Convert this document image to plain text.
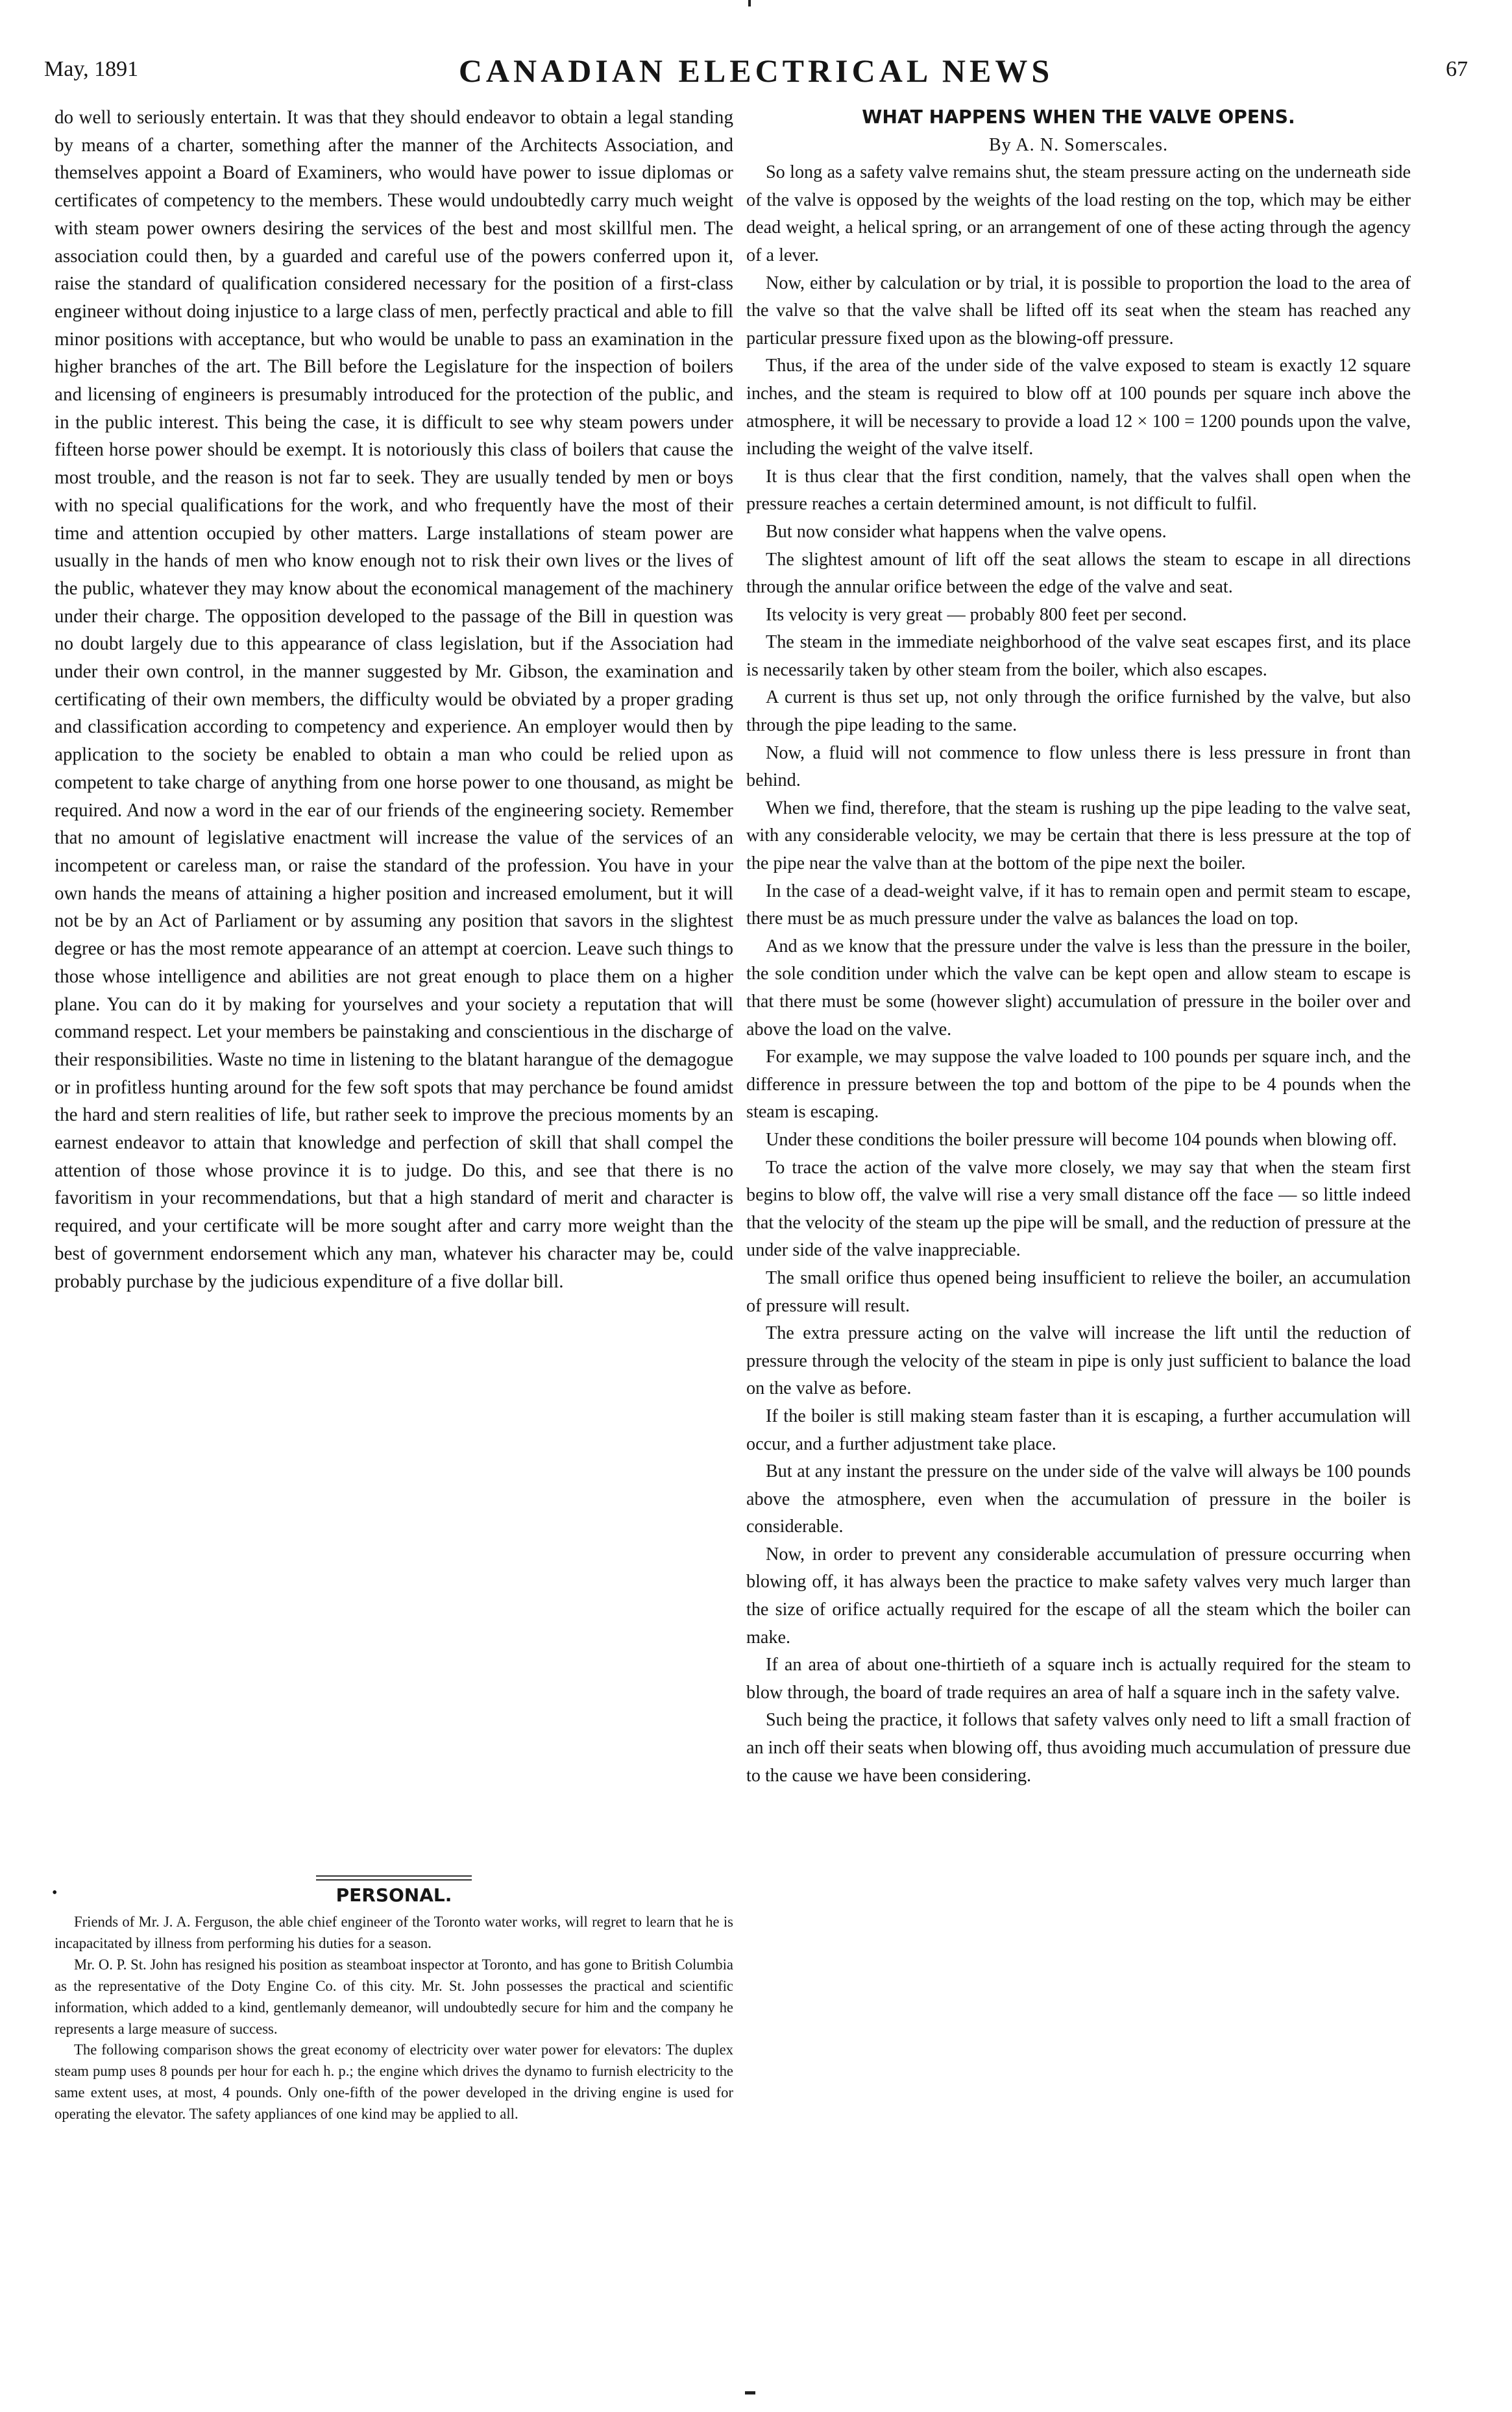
May, 1891	CANADIAN ELECTRICAL NEWS	67

do well to seriously entertain. It was that they should endeavor to obtain a legal standing by means of a charter, something after the manner of the Architects Association, and themselves appoint a Board of Examiners, who would have power to issue diplomas or certificates of competency to the members. These would undoubtedly carry much weight with steam power owners desiring the services of the best and most skillful men. The association could then, by a guarded and careful use of the powers conferred upon it, raise the standard of qualification considered necessary for the position of a first-class engineer without doing injustice to a large class of men, perfectly practical and able to fill minor positions with acceptance, but who would be unable to pass an examination in the higher branches of the art. The Bill before the Legislature for the inspection of boilers and licensing of engineers is presumably introduced for the protection of the public, and in the public interest. This being the case, it is difficult to see why steam powers under fifteen horse power should be exempt. It is notoriously this class of boilers that cause the most trouble, and the reason is not far to seek. They are usually tended by men or boys with no special qualifications for the work, and who frequently have the most of their time and attention occupied by other matters. Large installations of steam power are usually in the hands of men who know enough not to risk their own lives or the lives of the public, whatever they may know about the economical management of the machinery under their charge. The opposition developed to the passage of the Bill in question was no doubt largely due to this appearance of class legislation, but if the Association had under their own control, in the manner suggested by Mr. Gibson, the examination and certificating of their own members, the difficulty would be obviated by a proper grading and classification according to competency and experience. An employer would then by application to the society be enabled to obtain a man who could be relied upon as competent to take charge of anything from one horse power to one thousand, as might be required. And now a word in the ear of our friends of the engineering society. Remember that no amount of legislative enactment will increase the value of the services of an incompetent or careless man, or raise the standard of the profession. You have in your own hands the means of attaining a higher position and increased emolument, but it will not be by an Act of Parliament or by assuming any position that savors in the slightest degree or has the most remote appearance of an attempt at coercion. Leave such things to those whose intelligence and abilities are not great enough to place them on a higher plane. You can do it by making for yourselves and your society a reputation that will command respect. Let your members be painstaking and conscientious in the discharge of their responsibilities. Waste no time in listening to the blatant harangue of the demagogue or in profitless hunting around for the few soft spots that may perchance be found amidst the hard and stern realities of life, but rather seek to improve the precious moments by an earnest endeavor to attain that knowledge and perfection of skill that shall compel the attention of those whose province it is to judge. Do this, and see that there is no favoritism in your recommendations, but that a high standard of merit and character is required, and your certificate will be more sought after and carry more weight than the best of government endorsement which any man, whatever his character may be, could probably purchase by the judicious expenditure of a five dollar bill.

•	PERSONAL.

Friends of Mr. J. A. Ferguson, the able chief engineer of the Toronto water works, will regret to learn that he is incapacitated by illness from performing his duties for a season.

Mr. O. P. St. John has resigned his position as steamboat inspector at Toronto, and has gone to British Columbia as the representative of the Doty Engine Co. of this city. Mr. St. John possesses the practical and scientific information, which added to a kind, gentlemanly demeanor, will undoubtedly secure for him and the company he represents a large measure of success.

The following comparison shows the great economy of electricity over water power for elevators: The duplex steam pump uses 8 pounds per hour for each h. p.; the engine which drives the dynamo to furnish electricity to the same extent uses, at most, 4 pounds. Only one-fifth of the power developed in the driving engine is used for operating the elevator. The safety appliances of one kind may be applied to all.

WHAT HAPPENS WHEN THE VALVE OPENS.

By A. N. Somerscales.

So long as a safety valve remains shut, the steam pressure acting on the underneath side of the valve is opposed by the weights of the load resting on the top, which may be either dead weight, a helical spring, or an arrangement of one of these acting through the agency of a lever.

Now, either by calculation or by trial, it is possible to proportion the load to the area of the valve so that the valve shall be lifted off its seat when the steam has reached any particular pressure fixed upon as the blowing-off pressure.

Thus, if the area of the under side of the valve exposed to steam is exactly 12 square inches, and the steam is required to blow off at 100 pounds per square inch above the atmosphere, it will be necessary to provide a load 12 × 100 = 1200 pounds upon the valve, including the weight of the valve itself.

It is thus clear that the first condition, namely, that the valves shall open when the pressure reaches a certain determined amount, is not difficult to fulfil.

But now consider what happens when the valve opens.

The slightest amount of lift off the seat allows the steam to escape in all directions through the annular orifice between the edge of the valve and seat.

Its velocity is very great — probably 800 feet per second.

The steam in the immediate neighborhood of the valve seat escapes first, and its place is necessarily taken by other steam from the boiler, which also escapes.

A current is thus set up, not only through the orifice furnished by the valve, but also through the pipe leading to the same.

Now, a fluid will not commence to flow unless there is less pressure in front than behind.

When we find, therefore, that the steam is rushing up the pipe leading to the valve seat, with any considerable velocity, we may be certain that there is less pressure at the top of the pipe near the valve than at the bottom of the pipe next the boiler.

In the case of a dead-weight valve, if it has to remain open and permit steam to escape, there must be as much pressure under the valve as balances the load on top.

And as we know that the pressure under the valve is less than the pressure in the boiler, the sole condition under which the valve can be kept open and allow steam to escape is that there must be some (however slight) accumulation of pressure in the boiler over and above the load on the valve.

For example, we may suppose the valve loaded to 100 pounds per square inch, and the difference in pressure between the top and bottom of the pipe to be 4 pounds when the steam is escaping.

Under these conditions the boiler pressure will become 104 pounds when blowing off.

To trace the action of the valve more closely, we may say that when the steam first begins to blow off, the valve will rise a very small distance off the face — so little indeed that the velocity of the steam up the pipe will be small, and the reduction of pressure at the under side of the valve inappreciable.

The small orifice thus opened being insufficient to relieve the boiler, an accumulation of pressure will result.

The extra pressure acting on the valve will increase the lift until the reduction of pressure through the velocity of the steam in pipe is only just sufficient to balance the load on the valve as before.

If the boiler is still making steam faster than it is escaping, a further accumulation will occur, and a further adjustment take place.

But at any instant the pressure on the under side of the valve will always be 100 pounds above the atmosphere, even when the accumulation of pressure in the boiler is considerable.

Now, in order to prevent any considerable accumulation of pressure occurring when blowing off, it has always been the practice to make safety valves very much larger than the size of orifice actually required for the escape of all the steam which the boiler can make.

If an area of about one-thirtieth of a square inch is actually required for the steam to blow through, the board of trade requires an area of half a square inch in the safety valve.

Such being the practice, it follows that safety valves only need to lift a small fraction of an inch off their seats when blowing off, thus avoiding much accumulation of pressure due to the cause we have been considering.
